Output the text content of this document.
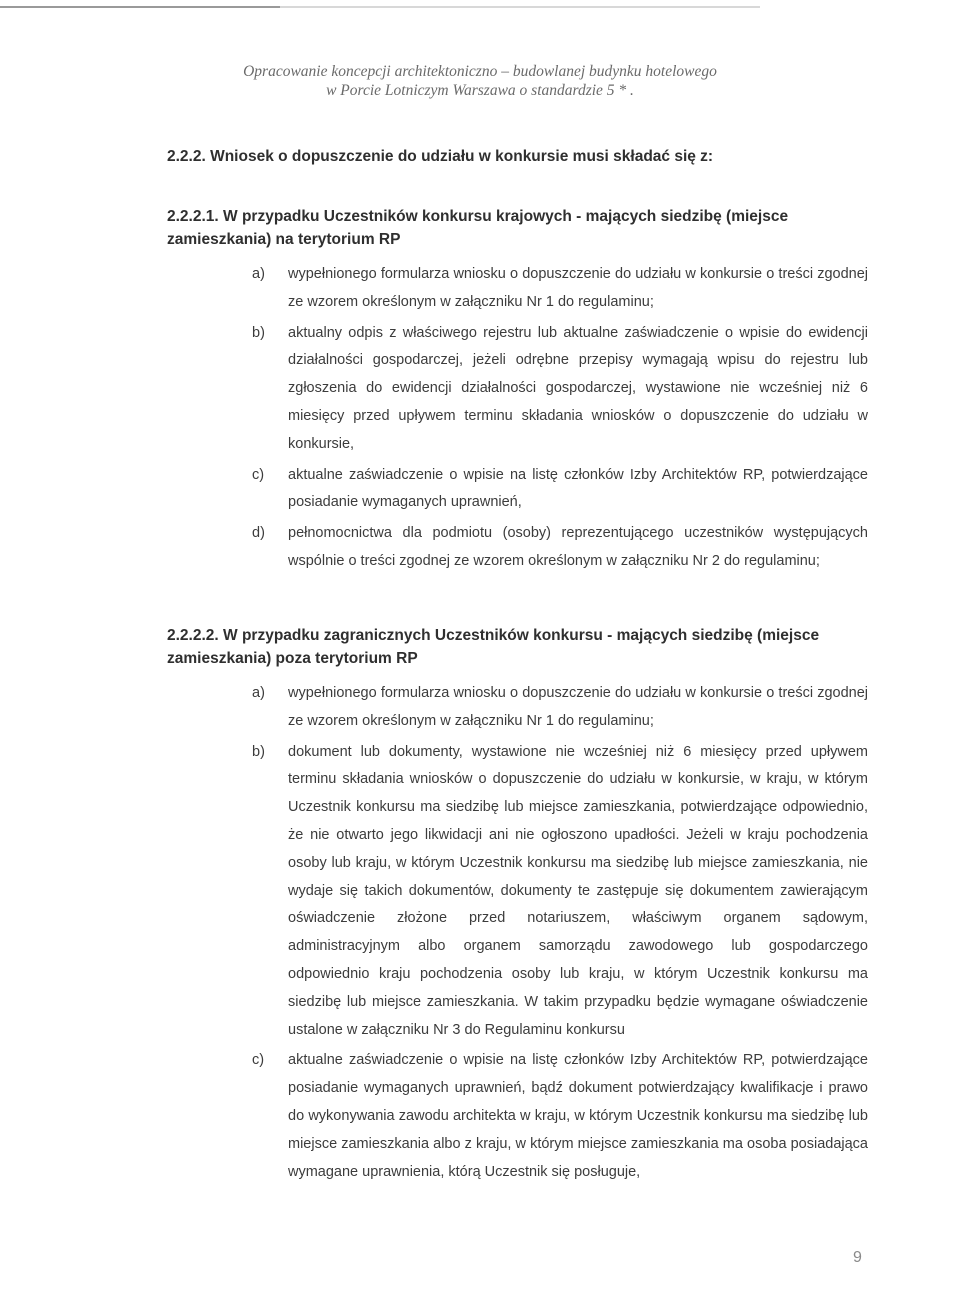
Opracowanie koncepcji architektoniczno – budowlanej budynku hotelowego
w Porcie Lotniczym Warszawa o standardzie 5 * .
2.2.2. Wniosek o dopuszczenie do udziału w konkursie musi składać się z:
2.2.2.1. W przypadku Uczestników konkursu krajowych - mających siedzibę (miejsce zamieszkania) na terytorium RP
a) wypełnionego formularza wniosku o dopuszczenie do udziału w konkursie o treści zgodnej ze wzorem określonym w załączniku Nr 1 do regulaminu;
b) aktualny odpis z właściwego rejestru lub aktualne zaświadczenie o wpisie do ewidencji działalności gospodarczej, jeżeli odrębne przepisy wymagają wpisu do rejestru lub zgłoszenia do ewidencji działalności gospodarczej, wystawione nie wcześniej niż 6 miesięcy przed upływem terminu składania wniosków o dopuszczenie do udziału w konkursie,
c) aktualne zaświadczenie o wpisie na listę członków Izby Architektów RP, potwierdzające posiadanie wymaganych uprawnień,
d) pełnomocnictwa dla podmiotu (osoby) reprezentującego uczestników występujących wspólnie o treści zgodnej ze wzorem określonym w załączniku Nr 2 do regulaminu;
2.2.2.2. W przypadku zagranicznych Uczestników konkursu - mających siedzibę (miejsce zamieszkania) poza terytorium RP
a) wypełnionego formularza wniosku o dopuszczenie do udziału w konkursie o treści zgodnej ze wzorem określonym w załączniku Nr 1 do regulaminu;
b) dokument lub dokumenty, wystawione nie wcześniej niż 6 miesięcy przed upływem terminu składania wniosków o dopuszczenie do udziału w konkursie, w kraju, w którym Uczestnik konkursu ma siedzibę lub miejsce zamieszkania, potwierdzające odpowiednio, że nie otwarto jego likwidacji ani nie ogłoszono upadłości. Jeżeli w kraju pochodzenia osoby lub kraju, w którym Uczestnik konkursu ma siedzibę lub miejsce zamieszkania, nie wydaje się takich dokumentów, dokumenty te zastępuje się dokumentem zawierającym oświadczenie złożone przed notariuszem, właściwym organem sądowym, administracyjnym albo organem samorządu zawodowego lub gospodarczego odpowiednio kraju pochodzenia osoby lub kraju, w którym Uczestnik konkursu ma siedzibę lub miejsce zamieszkania. W takim przypadku będzie wymagane oświadczenie ustalone w załączniku Nr 3 do Regulaminu konkursu
c) aktualne zaświadczenie o wpisie na listę członków Izby Architektów RP, potwierdzające posiadanie wymaganych uprawnień, bądź dokument potwierdzający kwalifikacje i prawo do wykonywania zawodu architekta w kraju, w którym Uczestnik konkursu ma siedzibę lub miejsce zamieszkania albo z kraju, w którym miejsce zamieszkania ma osoba posiadająca wymagane uprawnienia, którą Uczestnik się posługuje,
9
